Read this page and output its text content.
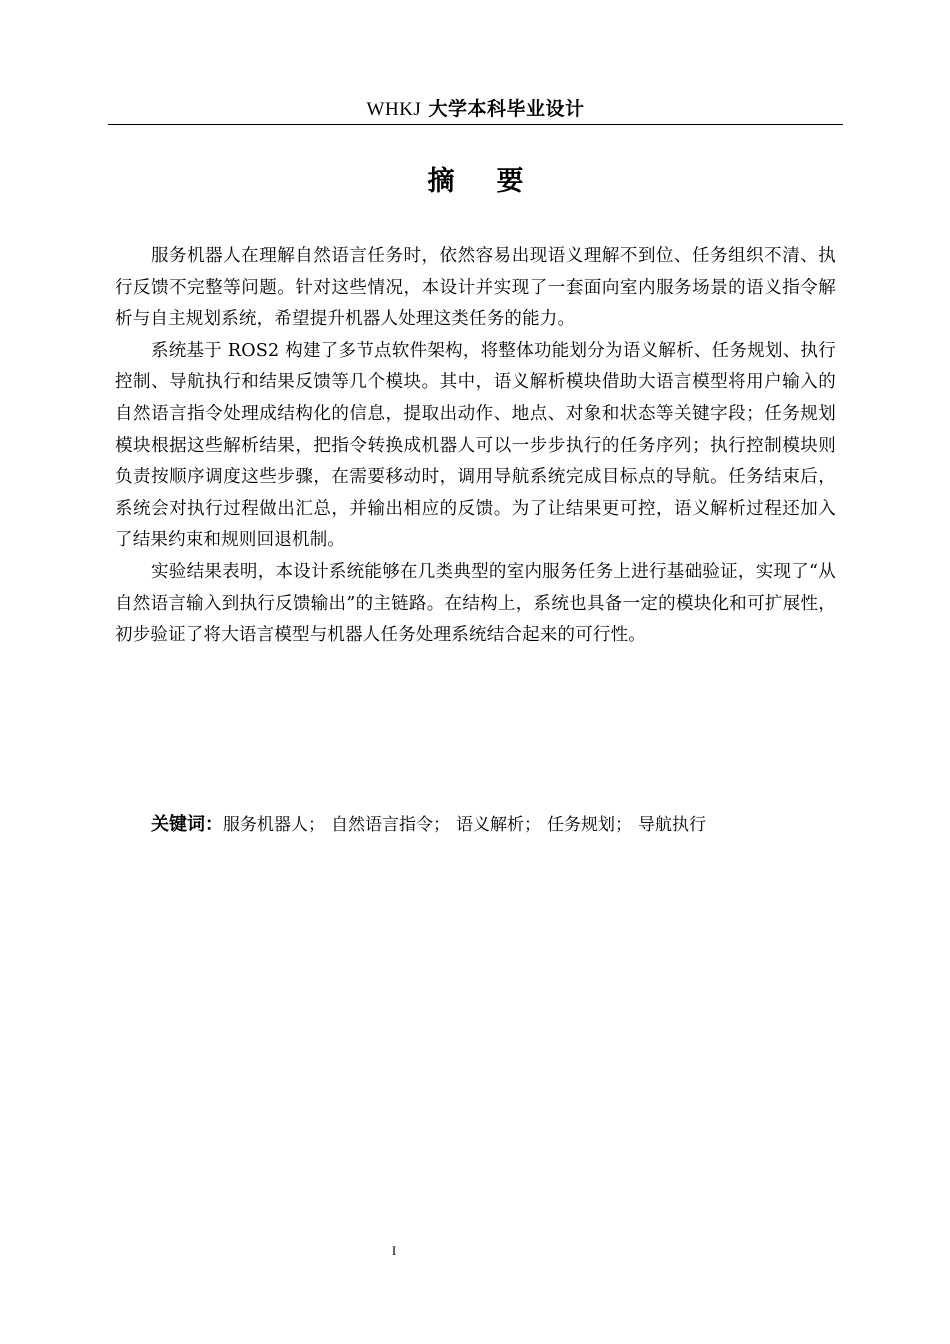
WHKJ 大学本科毕业设计
摘要

服务机器人在理解自然语言任务时，依然容易出现语义理解不到位、任务组织不清、执行反馈不完整等问题。针对这些情况，本设计并实现了一套面向室内服务场景的语义指令解析与自主规划系统，希望提升机器人处理这类任务的能力。

系统基于 ROS2 构建了多节点软件架构，将整体功能划分为语义解析、任务规划、执行控制、导航执行和结果反馈等几个模块。其中，语义解析模块借助大语言模型将用户输入的自然语言指令处理成结构化的信息，提取出动作、地点、对象和状态等关键字段；任务规划模块根据这些解析结果，把指令转换成机器人可以一步步执行的任务序列；执行控制模块则负责按顺序调度这些步骤，在需要移动时，调用导航系统完成目标点的导航。任务结束后，系统会对执行过程做出汇总，并输出相应的反馈。为了让结果更可控，语义解析过程还加入了结果约束和规则回退机制。

实验结果表明，本设计系统能够在几类典型的室内服务任务上进行基础验证，实现了“从自然语言输入到执行反馈输出”的主链路。在结构上，系统也具备一定的模块化和可扩展性，初步验证了将大语言模型与机器人任务处理系统结合起来的可行性。

关键词：服务机器人； 自然语言指令； 语义解析； 任务规划； 导航执行
I
